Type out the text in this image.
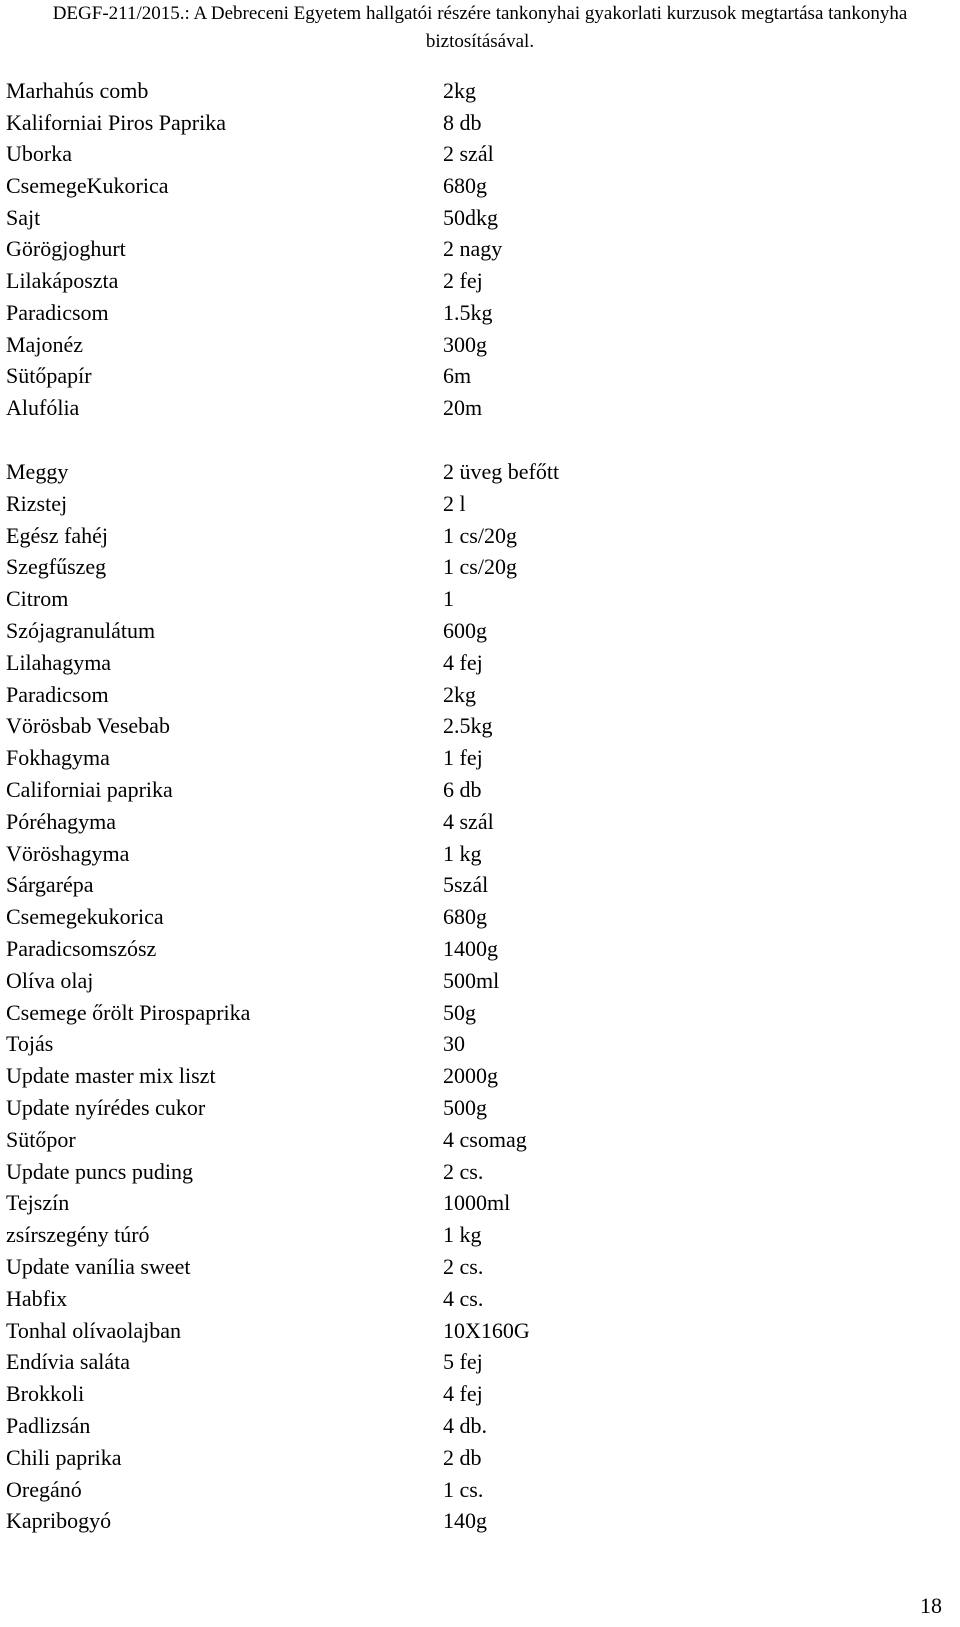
DEGF-211/2015.: A Debreceni Egyetem hallgatói részére tankonyhai gyakorlati kurzusok megtartása tankonyha
biztosításával.
Marhahús comb	2kg
Kaliforniai Piros Paprika	8 db
Uborka	2 szál
CsemegeKukorica	680g
Sajt	50dkg
Görögjoghurt	2 nagy
Lilakáposzta	2 fej
Paradicsom	1.5kg
Majonéz	300g
Sütőpapír	6m
Alufólia	20m
Meggy	2 üveg befőtt
Rizstej	2 l
Egész fahéj	1 cs/20g
Szegfűszeg	1 cs/20g
Citrom	1
Szójagranulátum	600g
Lilahagyma	4 fej
Paradicsom	2kg
Vörösbab Vesebab	2.5kg
Fokhagyma	1 fej
Californiai paprika	6 db
Póréhagyma	4 szál
Vöröshagyma	1 kg
Sárgarépa	5szál
Csemegekukorica	680g
Paradicsomszósz	1400g
Olíva olaj	500ml
Csemege őrölt Pirospaprika	50g
Tojás	30
Update master mix liszt	2000g
Update nyírédes cukor	500g
Sütőpor	4 csomag
Update puncs puding	2 cs.
Tejszín	1000ml
zsírszegény túró	1 kg
Update vanília sweet	2 cs.
Habfix	4 cs.
Tonhal olívaolajban	10X160G
Endívia saláta	5 fej
Brokkoli	4 fej
Padlizsán	4 db.
Chili paprika	2 db
Oregánó	1 cs.
Kapribogyó	140g
18
